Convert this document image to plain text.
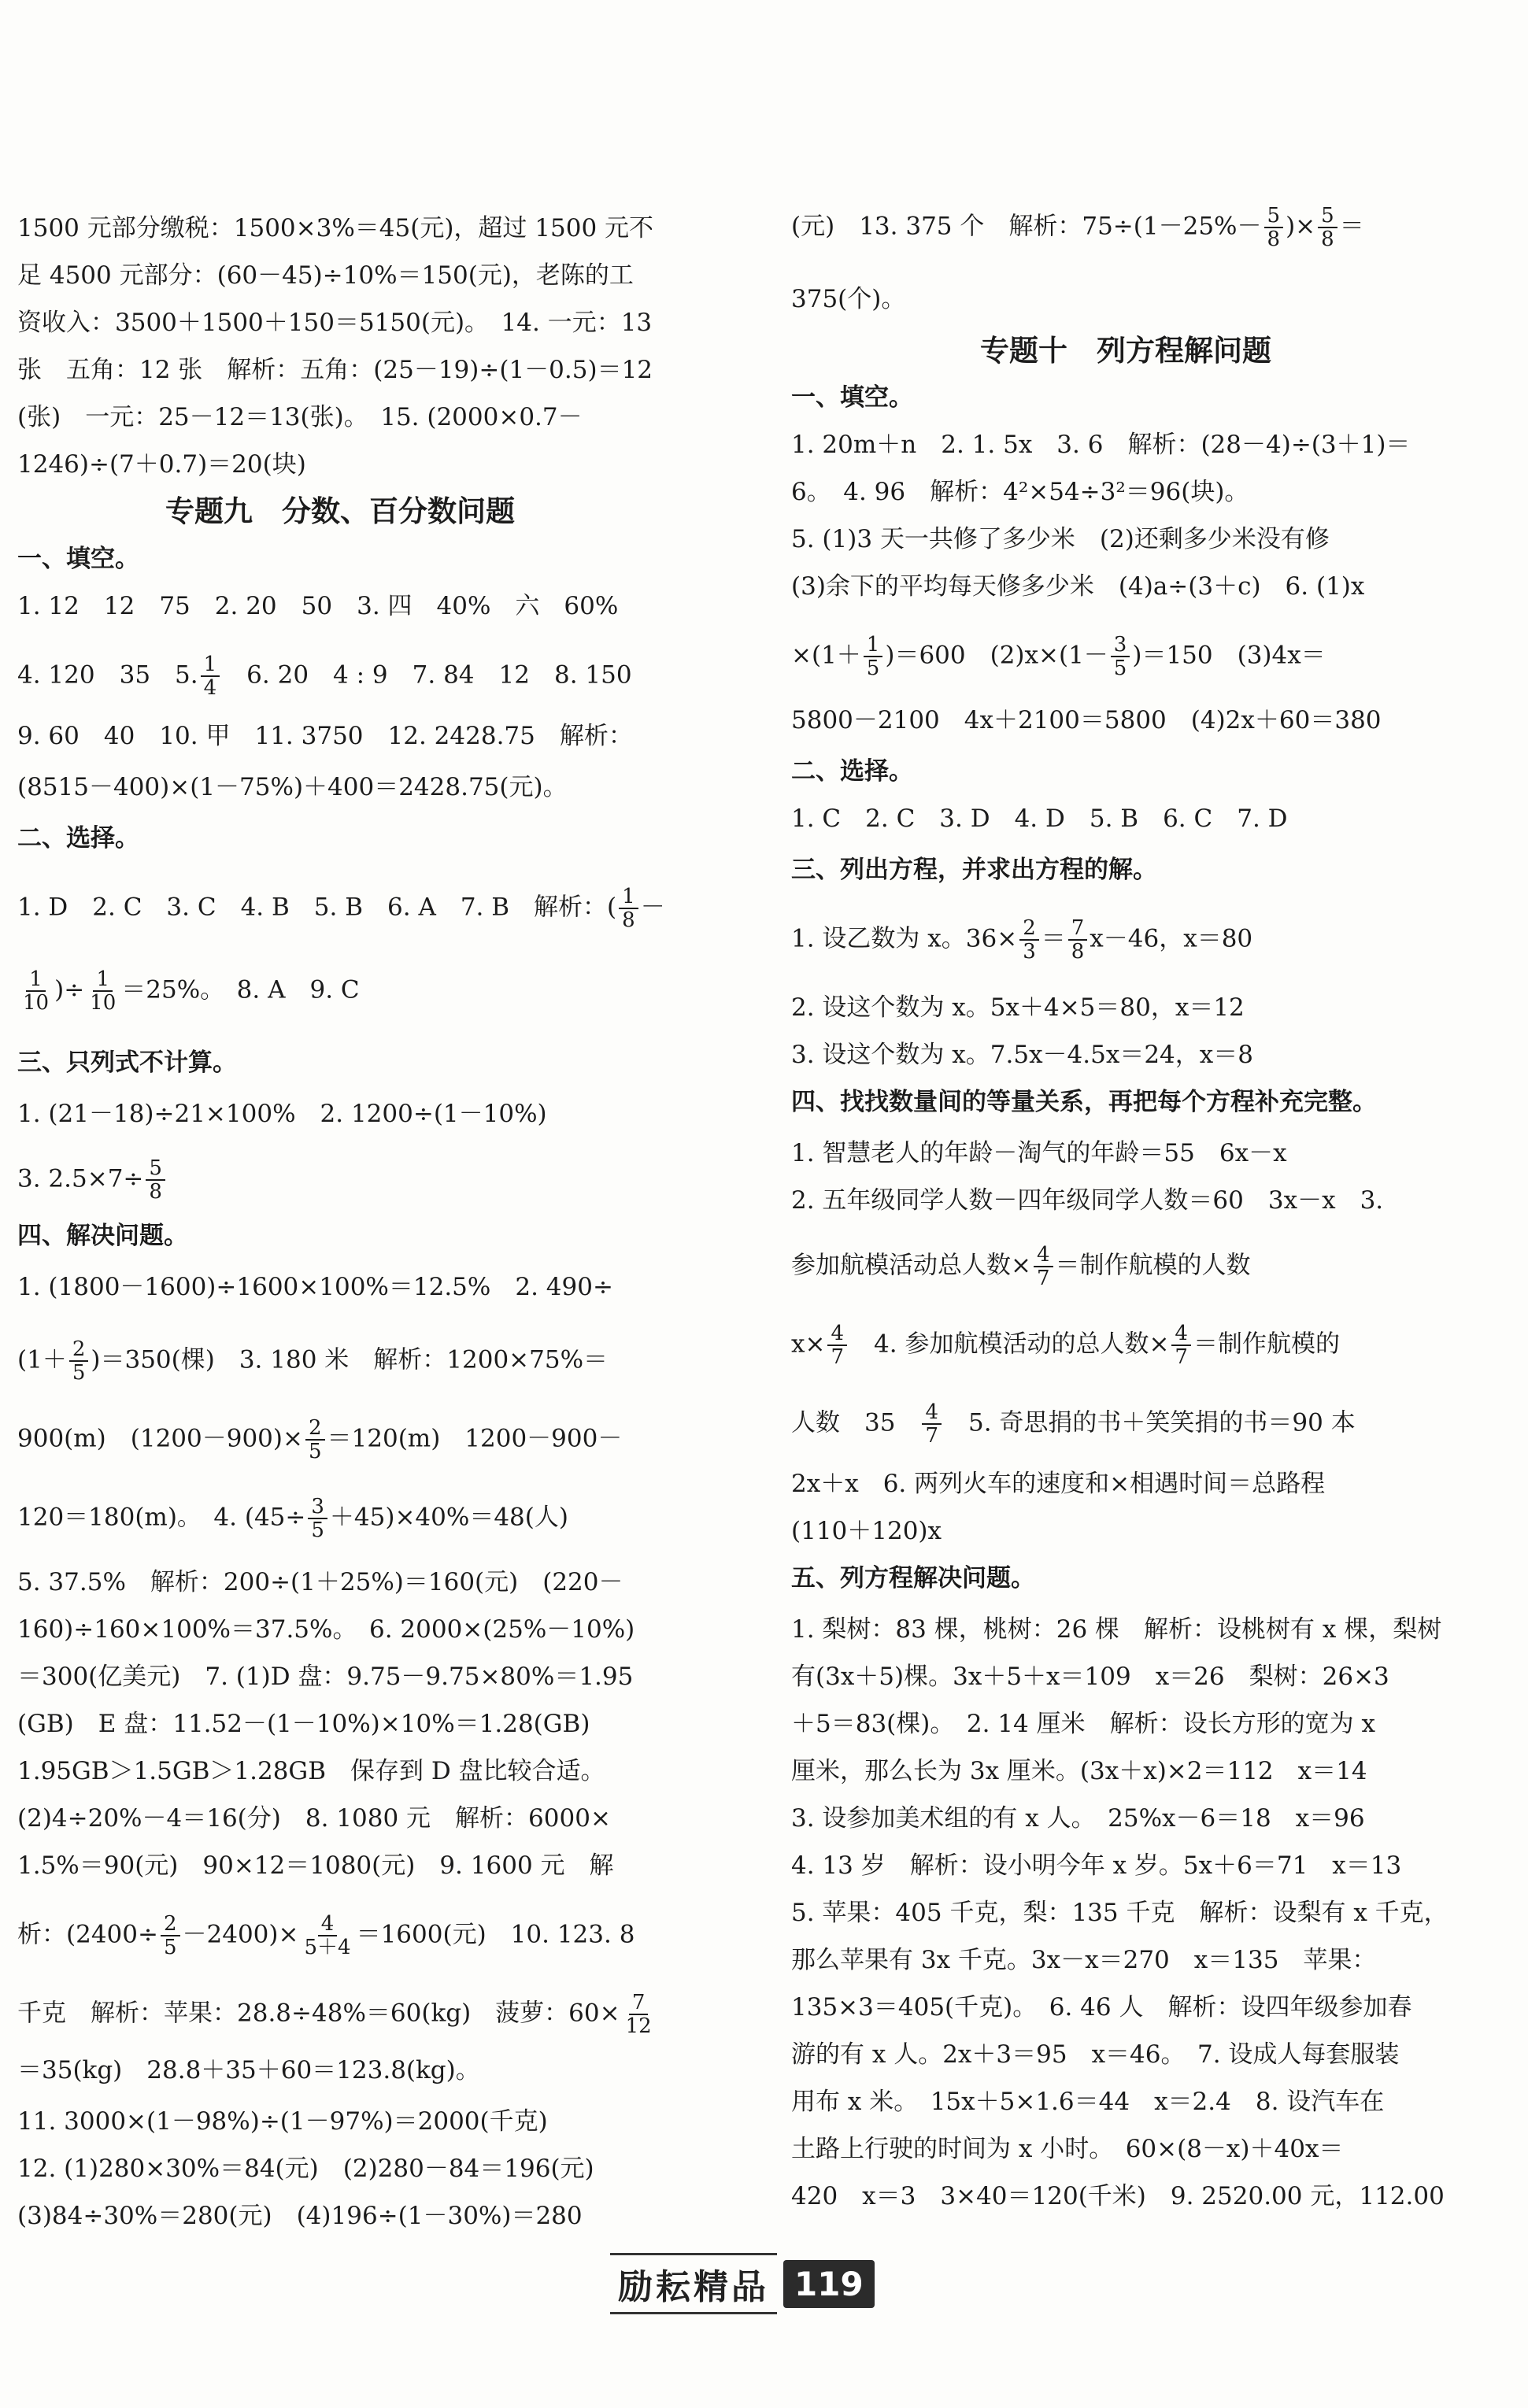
1500 元部分缴税：1500×3%＝45(元)，超过 1500 元不
足 4500 元部分：(60－45)÷10%＝150(元)，老陈的工
资收入：3500＋1500＋150＝5150(元)。　14. 一元：13
张　五角：12 张　解析：五角：(25－19)÷(1－0.5)＝12
(张)　一元：25－12＝13(张)。　15. (2000×0.7－
1246)÷(7＋0.7)＝20(块)
专题九　分数、百分数问题
一、填空。
1. 12　12　75　2. 20　50　3. 四　40%　六　60%
4. 120　35　5. $\frac{1}{4}$ 　6. 20　4 : 9　7. 84　12　8. 150
9. 60　40　10. 甲　11. 3750　12. 2428.75　解析：
(8515－400)×(1－75%)＋400＝2428.75(元)。
二、选择。
1. D　2. C　3. C　4. B　5. B　6. A　7. B　解析：( $\frac{1}{8}$ －
$\frac{1}{10}$ )÷ $\frac{1}{10} =25\%$。　8. A　9. C
三、只列式不计算。
1. (21－18)÷21×100%　2. 1200÷(1－10%)
3. $2.5\times 7\div \frac{5}{8}$
四、解决问题。
1. (1800－1600)÷1600×100%＝12.5%　2. 490÷
$(1+ \frac{2}{5} )=350$(棵)　3. 180 米　解析：1200×75%＝
900(m)　$(1200-900)\times \frac{2}{5} =120(m)$　1200－900－
120＝180(m)。　4. $(45\div \frac{3}{5} +45)\times 40\%=48$(人)
5. 37.5%　解析：200÷(1＋25%)＝160(元)　(220－
160)÷160×100%＝37.5%。　6. 2000×(25%－10%)
＝300(亿美元)　7. (1)D 盘：9.75－9.75×80%＝1.95
(GB)　E 盘：11.52－(1－10%)×10%＝1.28(GB)
1.95GB＞1.5GB＞1.28GB　保存到 D 盘比较合适。
(2)4÷20%－4＝16(分)　8. 1080 元　解析：6000×
1.5%＝90(元)　90×12＝1080(元)　9. 1600 元　解
析：$(2400\div \frac{2}{5} -2400)\times \frac{4}{5+4} =1600$(元)　10. 123. 8
千克　解析：苹果：28.8÷48%＝60(kg)　菠萝：$60\times \frac{7}{12}$
＝35(kg)　28.8＋35＋60＝123.8(kg)。
11. 3000×(1－98%)÷(1－97%)＝2000(千克)
12. (1)280×30%＝84(元)　(2)280－84＝196(元)
(3)84÷30%＝280(元)　(4)196÷(1－30%)＝280
(元)　13. 375 个　解析：$75\div(1-25\%- \frac{5}{8}$ )× $\frac{5}{8}$ ＝
375(个)。
专题十　列方程解问题
一、填空。
1. 20m＋n　2. 1. 5x　3. 6　解析：(28－4)÷(3＋1)＝
6。　4. 96　解析：4²×54÷3²＝96(块)。
5. (1)3 天一共修了多少米　(2)还剩多少米没有修
(3)余下的平均每天修多少米　(4)a÷(3＋c)　6. (1)x
$\times(1+ \frac{1}{5} )=600$　$(2)x\times(1- \frac{3}{5} )=150$　(3)4x＝
5800－2100　4x＋2100＝5800　(4)2x＋60＝380
二、选择。
1. C　2. C　3. D　4. D　5. B　6. C　7. D
三、列出方程，并求出方程的解。
1. 设乙数为 x。$36\times \frac{2}{3} = \frac{7}{8} x-46$，x＝80
2. 设这个数为 x。5x＋4×5＝80，x＝12
3. 设这个数为 x。7.5x－4.5x＝24，x＝8
四、找找数量间的等量关系，再把每个方程补充完整。
1. 智慧老人的年龄－淘气的年龄＝55　6x－x
2. 五年级同学人数－四年级同学人数＝60　3x－x　3.
参加航模活动总人数× $\frac{4}{7}$ ＝制作航模的人数
$x\times \frac{4}{7}$ 　4. 参加航模活动的总人数× $\frac{4}{7}$ ＝制作航模的
人数　35　 $\frac{4}{7}$ 　5. 奇思捐的书＋笑笑捐的书＝90 本
2x＋x　6. 两列火车的速度和×相遇时间＝总路程
(110＋120)x
五、列方程解决问题。
1. 梨树：83 棵，桃树：26 棵　解析：设桃树有 x 棵，梨树
有(3x＋5)棵。3x＋5＋x＝109　x＝26　梨树：26×3
＋5＝83(棵)。　2. 14 厘米　解析：设长方形的宽为 x
厘米，那么长为 3x 厘米。(3x＋x)×2＝112　x＝14
3. 设参加美术组的有 x 人。　25%x－6＝18　x＝96
4. 13 岁　解析：设小明今年 x 岁。5x＋6＝71　x＝13
5. 苹果：405 千克，梨：135 千克　解析：设梨有 x 千克，
那么苹果有 3x 千克。3x－x＝270　x＝135　苹果：
135×3＝405(千克)。　6. 46 人　解析：设四年级参加春
游的有 x 人。2x＋3＝95　x＝46。　7. 设成人每套服装
用布 x 米。　15x＋5×1.6＝44　x＝2.4　8. 设汽车在
土路上行驶的时间为 x 小时。　60×(8－x)＋40x＝
420　x＝3　3×40＝120(千米)　9. 2520.00 元，112.00
励耘精品 119
